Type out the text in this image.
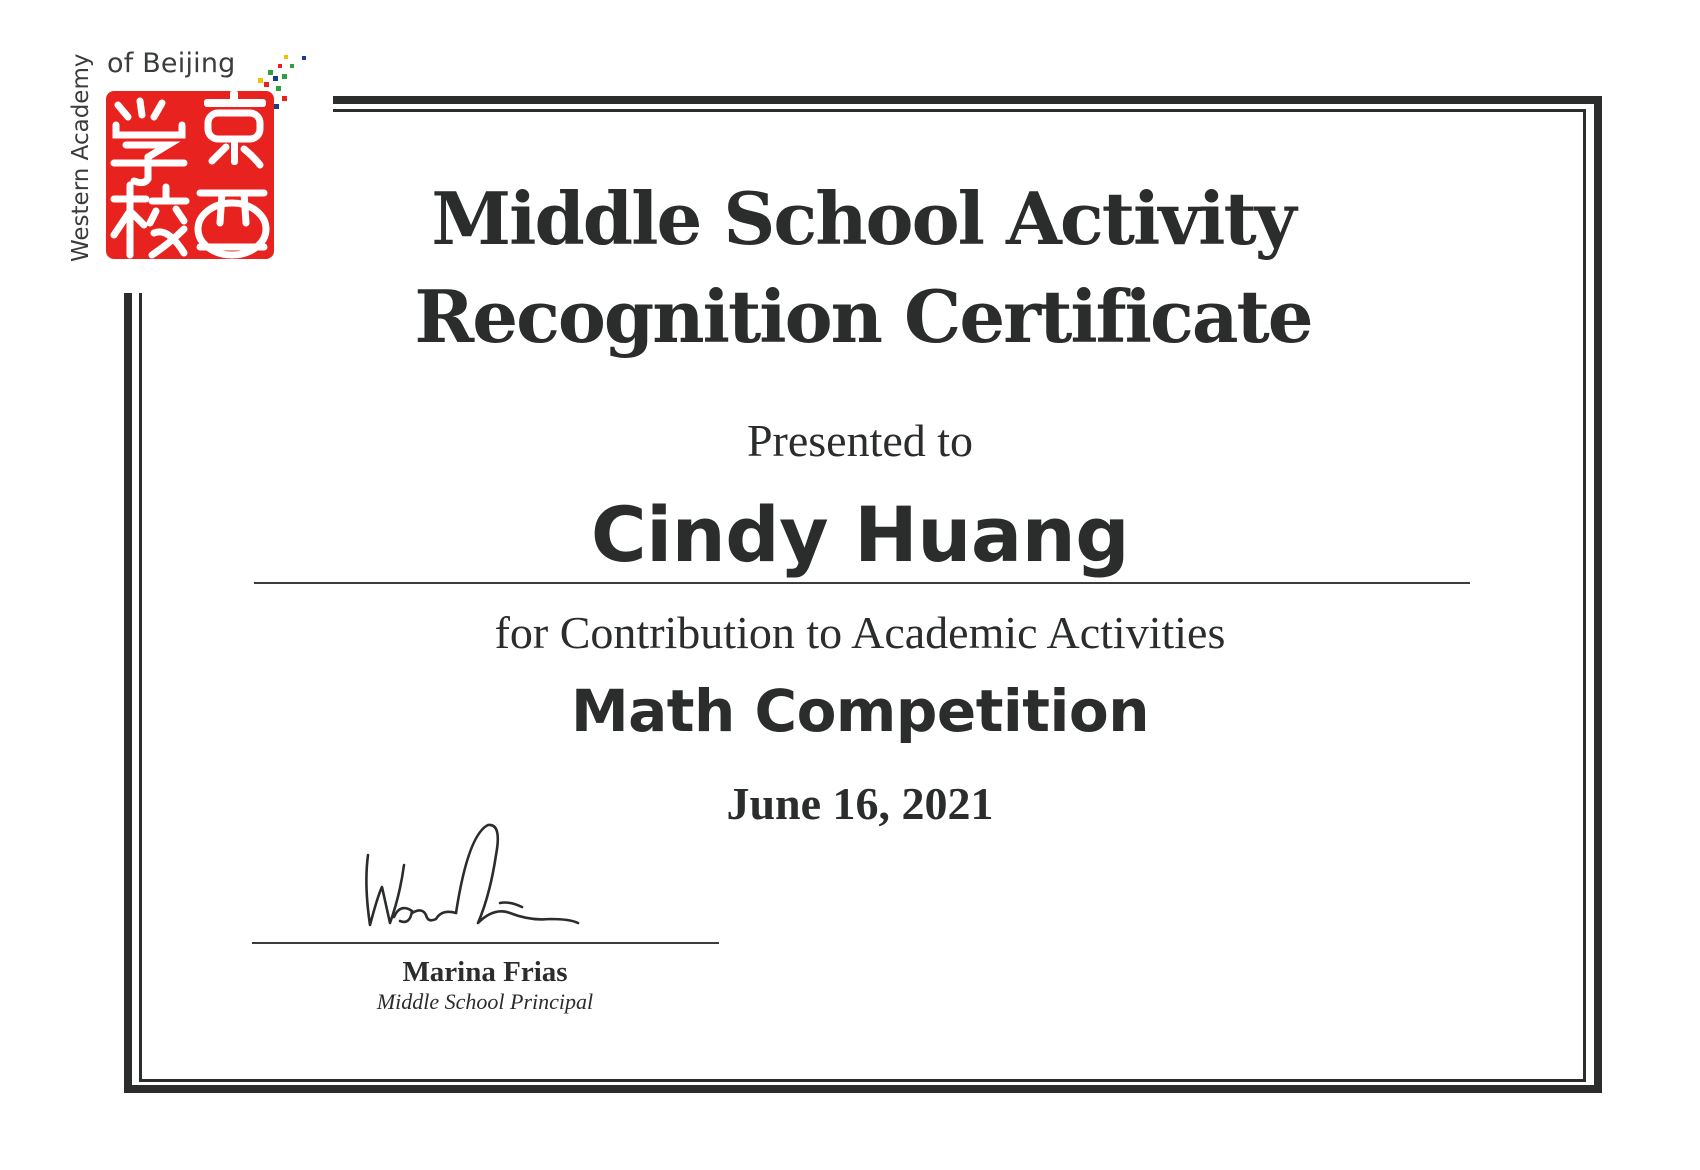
of Beijing
Western Academy	Middle School Activity
Recognition Certificate
Presented to
Cindy Huang
for Contribution to Academic Activities
Math Competition
June 16, 2021
Marina Frias
Middle School Principal
